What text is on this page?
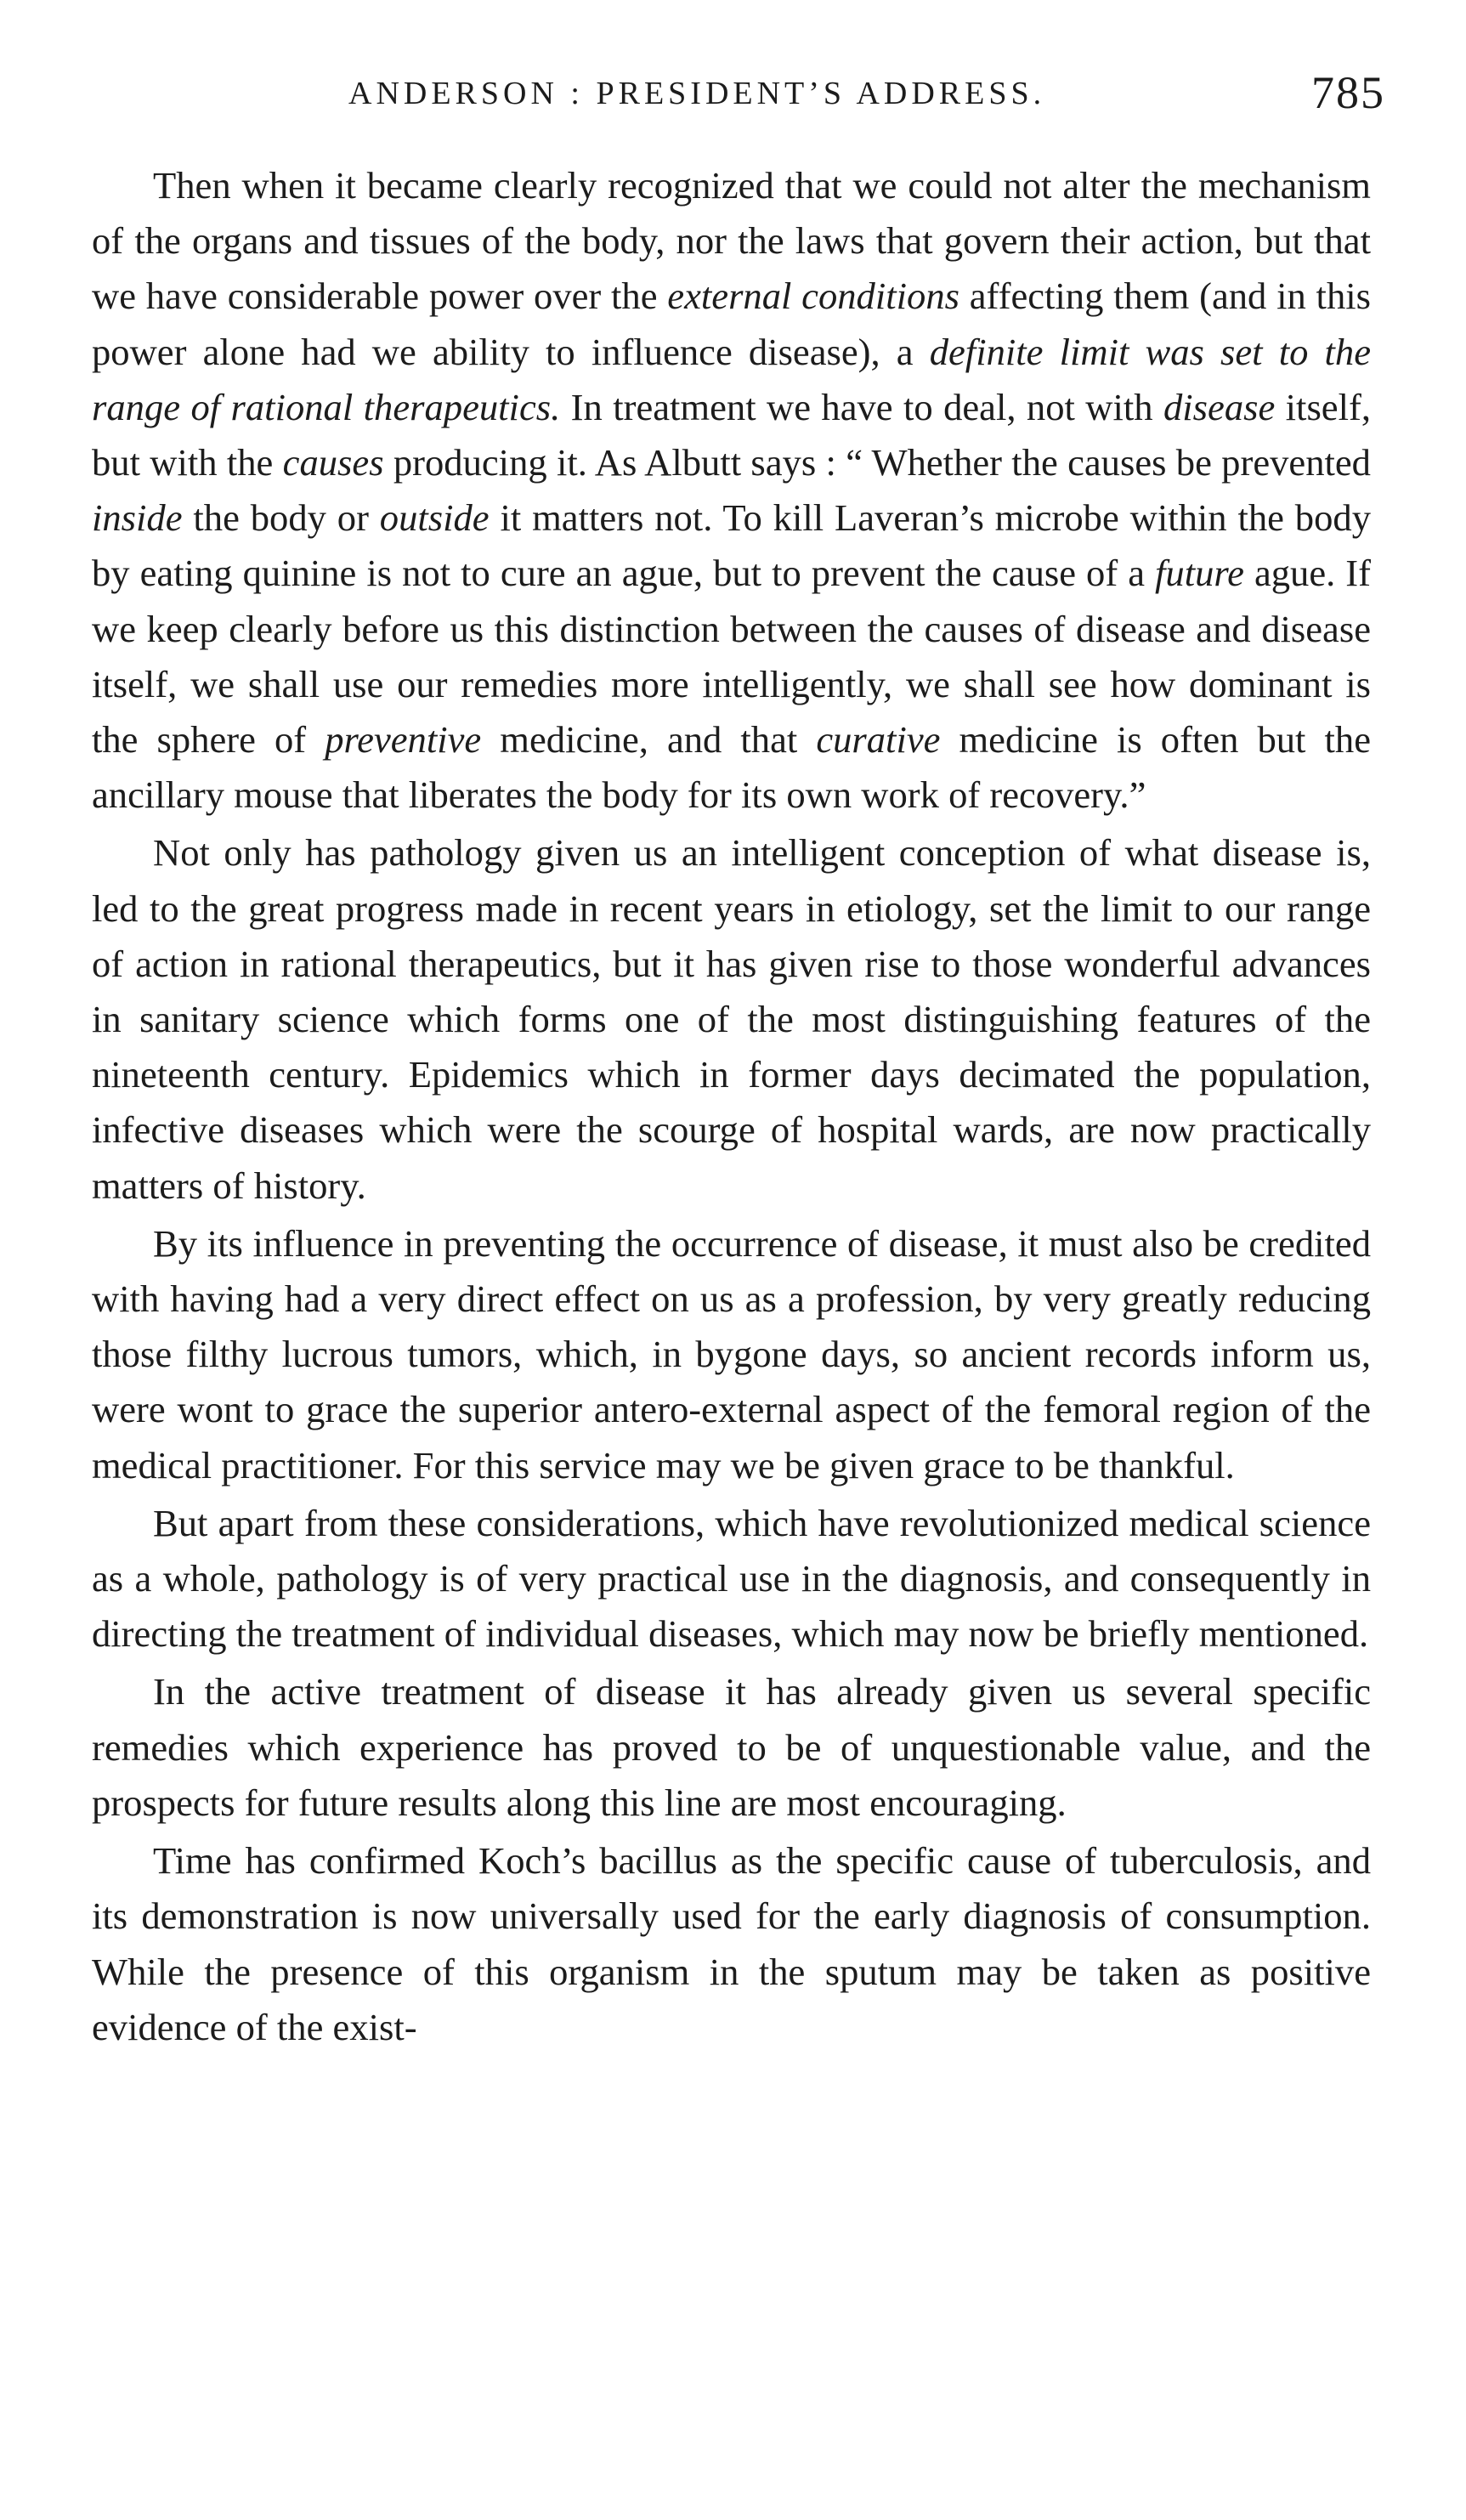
ANDERSON : PRESIDENT’S ADDRESS.	785

Then when it became clearly recognized that we could not alter the mechanism of the organs and tissues of the body, nor the laws that govern their action, but that we have considerable power over the external conditions affecting them (and in this power alone had we ability to influence disease), a definite limit was set to the range of rational therapeutics. In treatment we have to deal, not with disease itself, but with the causes producing it. As Albutt says : “ Whether the causes be prevented inside the body or outside it matters not. To kill Laveran’s microbe within the body by eating quinine is not to cure an ague, but to prevent the cause of a future ague. If we keep clearly before us this distinction between the causes of disease and disease itself, we shall use our remedies more intelligently, we shall see how dominant is the sphere of preventive medicine, and that curative medicine is often but the ancillary mouse that liberates the body for its own work of recovery.”

Not only has pathology given us an intelligent conception of what disease is, led to the great progress made in recent years in etiology, set the limit to our range of action in rational therapeutics, but it has given rise to those wonderful advances in sanitary science which forms one of the most distinguishing features of the nineteenth century. Epidemics which in former days decimated the population, infective diseases which were the scourge of hospital wards, are now practically matters of history.

By its influence in preventing the occurrence of disease, it must also be credited with having had a very direct effect on us as a profession, by very greatly reducing those filthy lucrous tumors, which, in bygone days, so ancient records inform us, were wont to grace the superior antero-external aspect of the femoral region of the medical practitioner. For this service may we be given grace to be thankful.

But apart from these considerations, which have revolutionized medical science as a whole, pathology is of very practical use in the diagnosis, and consequently in directing the treatment of individual diseases, which may now be briefly mentioned.

In the active treatment of disease it has already given us several specific remedies which experience has proved to be of unquestionable value, and the prospects for future results along this line are most encouraging.

Time has confirmed Koch’s bacillus as the specific cause of tuberculosis, and its demonstration is now universally used for the early diagnosis of consumption. While the presence of this organism in the sputum may be taken as positive evidence of the exist-
